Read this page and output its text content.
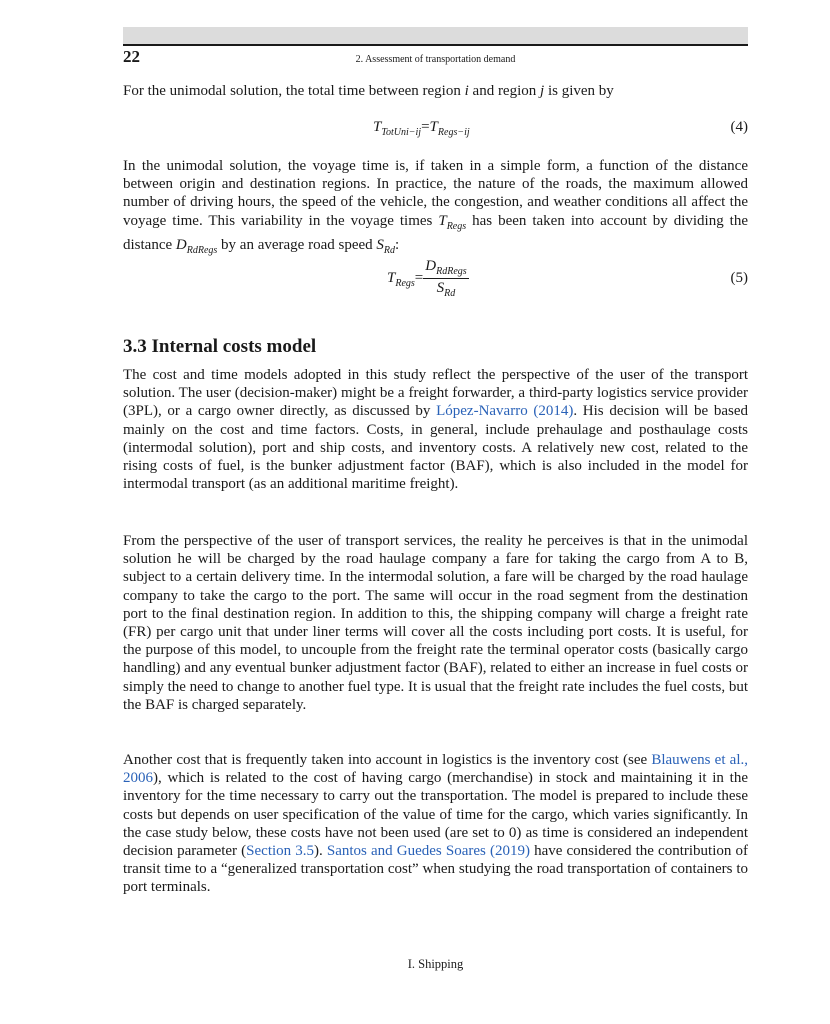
22	2. Assessment of transportation demand

For the unimodal solution, the total time between region i and region j is given by

$T_{TotUni-ij}=T_{Regs-ij}$	(4)

In the unimodal solution, the voyage time is, if taken in a simple form, a function of the distance between origin and destination regions. In practice, the nature of the roads, the maximum allowed number of driving hours, the speed of the vehicle, the congestion, and weather conditions all affect the voyage time. This variability in the voyage times $T_{Regs}$ has been taken into account by dividing the distance $D_{RdRegs}$ by an average road speed $S_{Rd}$:

$T_{Regs}= \frac{D_{RdRegs}}{S_{Rd}}$	(5)
3.3 Internal costs model

The cost and time models adopted in this study reflect the perspective of the user of the transport solution. The user (decision-maker) might be a freight forwarder, a third-party logistics service provider (3PL), or a cargo owner directly, as discussed by López-Navarro (2014). His decision will be based mainly on the cost and time factors. Costs, in general, include prehaulage and posthaulage costs (intermodal solution), port and ship costs, and inventory costs. A relatively new cost, related to the rising costs of fuel, is the bunker adjustment factor (BAF), which is also included in the model for intermodal transport (as an additional maritime freight).

From the perspective of the user of transport services, the reality he perceives is that in the unimodal solution he will be charged by the road haulage company a fare for taking the cargo from A to B, subject to a certain delivery time. In the intermodal solution, a fare will be charged by the road haulage company to take the cargo to the port. The same will occur in the road segment from the destination port to the final destination region. In addition to this, the shipping company will charge a freight rate (FR) per cargo unit that under liner terms will cover all the costs including port costs. It is useful, for the purpose of this model, to uncouple from the freight rate the terminal operator costs (basically cargo handling) and any eventual bunker adjustment factor (BAF), related to either an increase in fuel costs or simply the need to change to another fuel type. It is usual that the freight rate includes the fuel costs, but the BAF is charged separately.

Another cost that is frequently taken into account in logistics is the inventory cost (see Blauwens et al., 2006), which is related to the cost of having cargo (merchandise) in stock and maintaining it in the inventory for the time necessary to carry out the transportation. The model is prepared to include these costs but depends on user specification of the value of time for the cargo, which varies significantly. In the case study below, these costs have not been used (are set to 0) as time is considered an independent decision parameter (Section 3.5). Santos and Guedes Soares (2019) have considered the contribution of transit time to a “generalized transportation cost” when studying the road transportation of containers to port terminals.

I. Shipping
